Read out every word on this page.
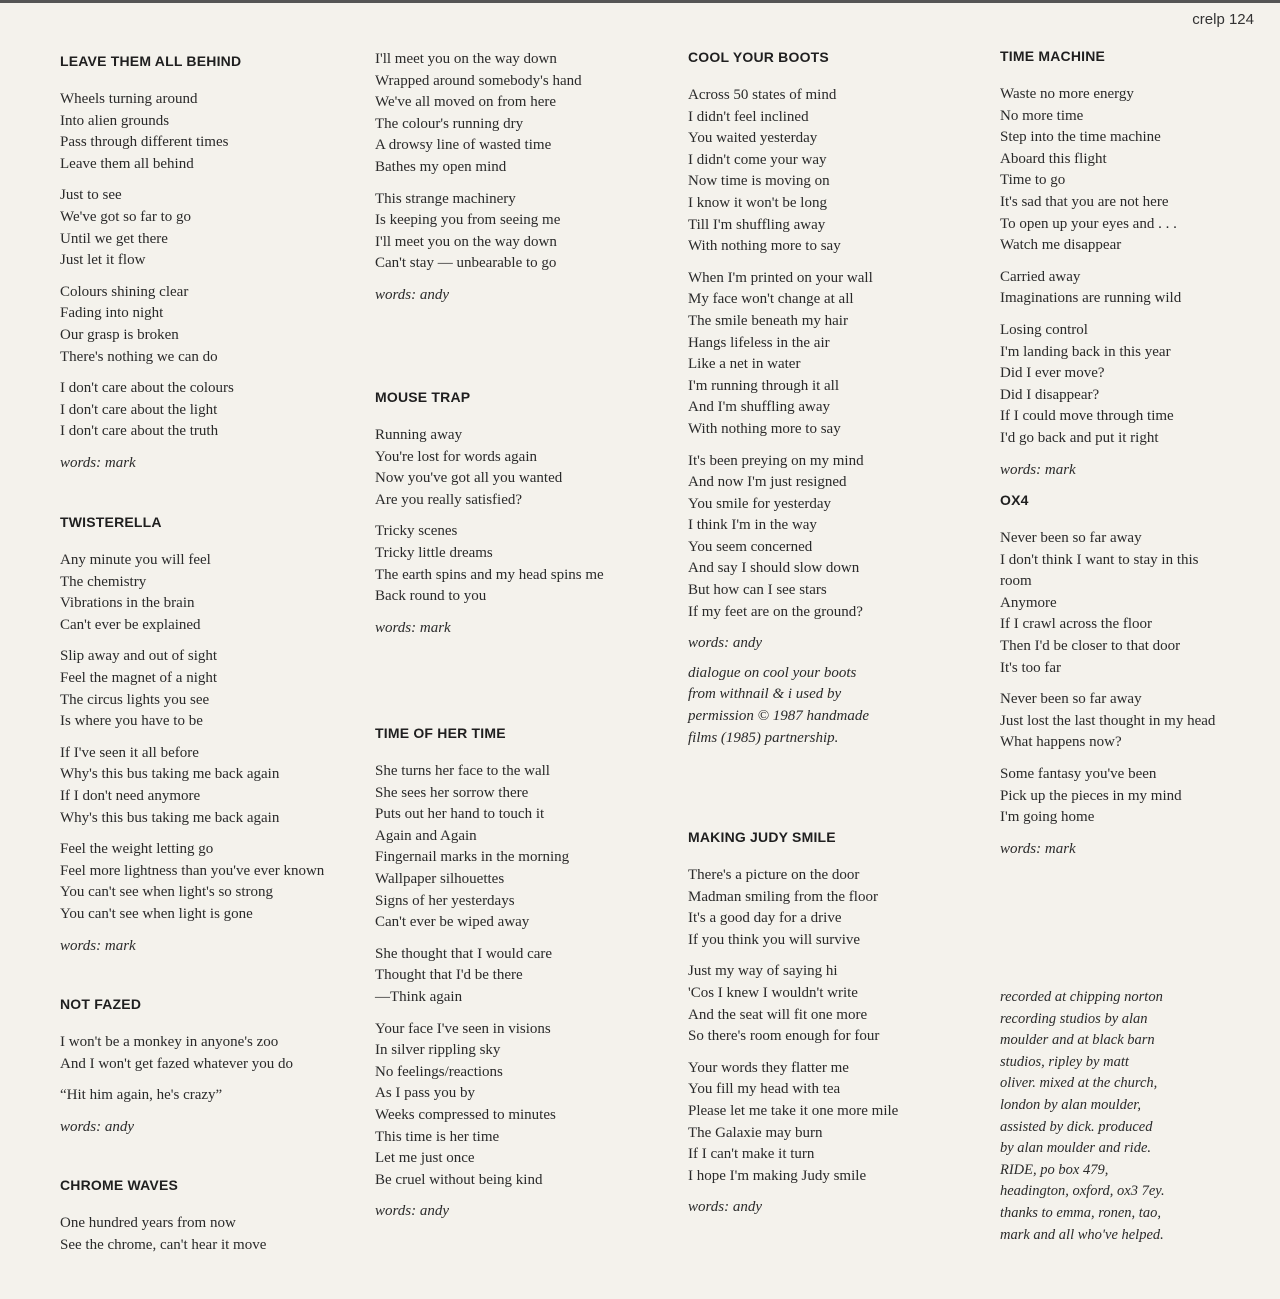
crelp 124
LEAVE THEM ALL BEHIND
Wheels turning around
Into alien grounds
Pass through different times
Leave them all behind
Just to see
We've got so far to go
Until we get there
Just let it flow
Colours shining clear
Fading into night
Our grasp is broken
There's nothing we can do
I don't care about the colours
I don't care about the light
I don't care about the truth
words: mark
TWISTERELLA
Any minute you will feel
The chemistry
Vibrations in the brain
Can't ever be explained
Slip away and out of sight
Feel the magnet of a night
The circus lights you see
Is where you have to be
If I've seen it all before
Why's this bus taking me back again
If I don't need anymore
Why's this bus taking me back again
Feel the weight letting go
Feel more lightness than you've ever known
You can't see when light's so strong
You can't see when light is gone
words: mark
NOT FAZED
I won't be a monkey in anyone's zoo
And I won't get fazed whatever you do
“Hit him again, he's crazy”
words: andy
CHROME WAVES
One hundred years from now
See the chrome, can't hear it move
I'll meet you on the way down
Wrapped around somebody's hand
We've all moved on from here
The colour's running dry
A drowsy line of wasted time
Bathes my open mind
This strange machinery
Is keeping you from seeing me
I'll meet you on the way down
Can't stay — unbearable to go
words: andy
MOUSE TRAP
Running away
You're lost for words again
Now you've got all you wanted
Are you really satisfied?
Tricky scenes
Tricky little dreams
The earth spins and my head spins me
Back round to you
words: mark
TIME OF HER TIME
She turns her face to the wall
She sees her sorrow there
Puts out her hand to touch it
Again and Again
Fingernail marks in the morning
Wallpaper silhouettes
Signs of her yesterdays
Can't ever be wiped away
She thought that I would care
Thought that I'd be there
—Think again
Your face I've seen in visions
In silver rippling sky
No feelings/reactions
As I pass you by
Weeks compressed to minutes
This time is her time
Let me just once
Be cruel without being kind
words: andy
COOL YOUR BOOTS
Across 50 states of mind
I didn't feel inclined
You waited yesterday
I didn't come your way
Now time is moving on
I know it won't be long
Till I'm shuffling away
With nothing more to say
When I'm printed on your wall
My face won't change at all
The smile beneath my hair
Hangs lifeless in the air
Like a net in water
I'm running through it all
And I'm shuffling away
With nothing more to say
It's been preying on my mind
And now I'm just resigned
You smile for yesterday
I think I'm in the way
You seem concerned
And say I should slow down
But how can I see stars
If my feet are on the ground?
words: andy
dialogue on cool your boots
from withnail & i used by
permission © 1987 handmade
films (1985) partnership.
MAKING JUDY SMILE
There's a picture on the door
Madman smiling from the floor
It's a good day for a drive
If you think you will survive
Just my way of saying hi
'Cos I knew I wouldn't write
And the seat will fit one more
So there's room enough for four
Your words they flatter me
You fill my head with tea
Please let me take it one more mile
The Galaxie may burn
If I can't make it turn
I hope I'm making Judy smile
words: andy
TIME MACHINE
Waste no more energy
No more time
Step into the time machine
Aboard this flight
Time to go
It's sad that you are not here
To open up your eyes and . . .
Watch me disappear
Carried away
Imaginations are running wild
Losing control
I'm landing back in this year
Did I ever move?
Did I disappear?
If I could move through time
I'd go back and put it right
words: mark
OX4
Never been so far away
I don't think I want to stay in this room
Anymore
If I crawl across the floor
Then I'd be closer to that door
It's too far
Never been so far away
Just lost the last thought in my head
What happens now?
Some fantasy you've been
Pick up the pieces in my mind
I'm going home
words: mark
recorded at chipping norton
recording studios by alan
moulder and at black barn
studios, ripley by matt
oliver. mixed at the church,
london by alan moulder,
assisted by dick. produced
by alan moulder and ride.
RIDE, po box 479,
headington, oxford, ox3 7ey.
thanks to emma, ronen, tao,
mark and all who've helped.
